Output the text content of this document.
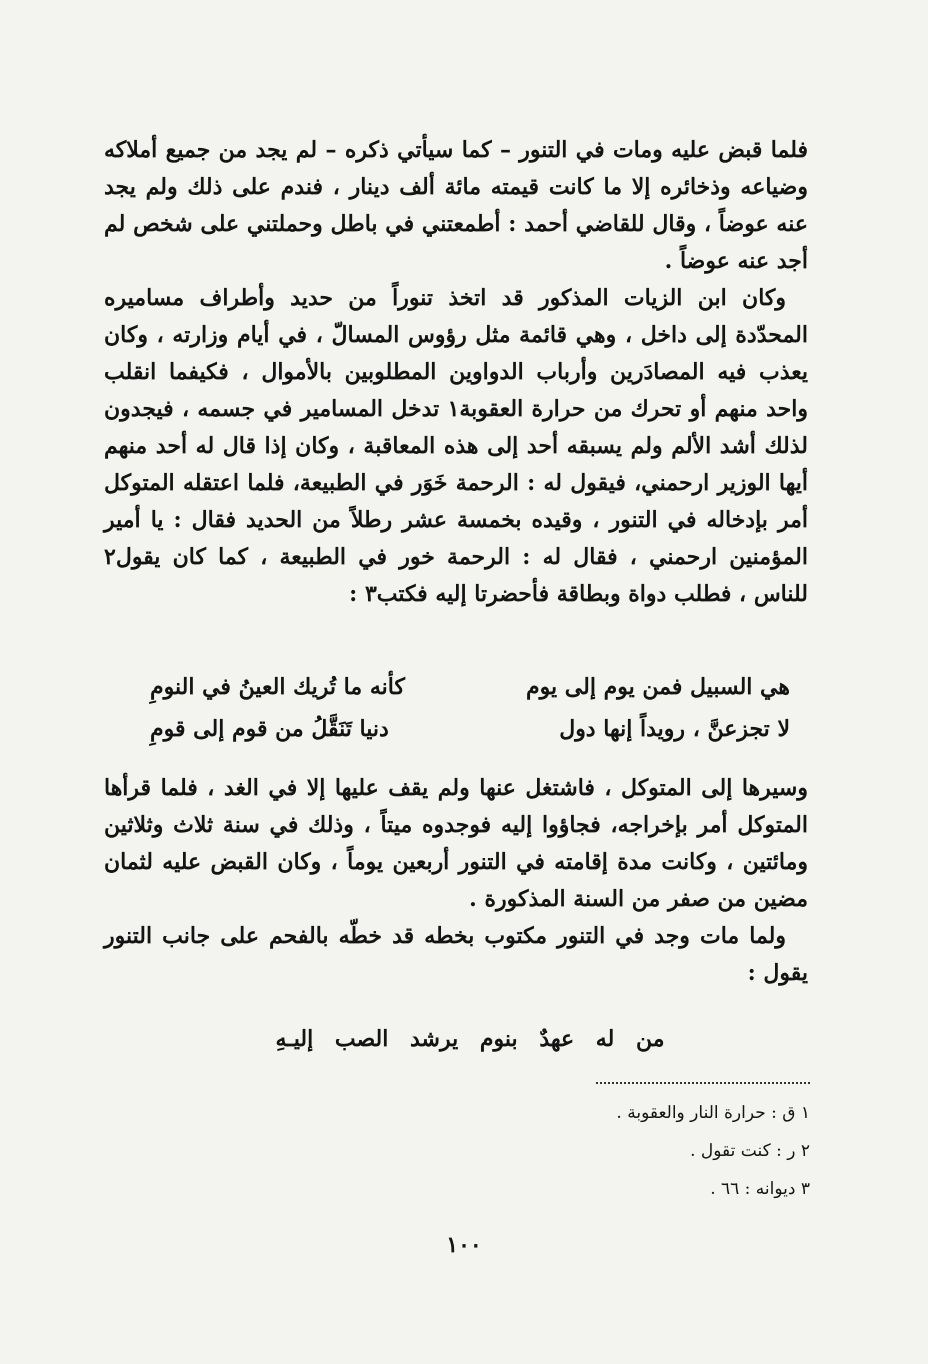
فلما قبض عليه ومات في التنور – كما سيأتي ذكره – لم يجد من جميع أملاكه وضياعه وذخائره إلا ما كانت قيمته مائة ألف دينار ، فندم على ذلك ولم يجد عنه عوضاً ، وقال للقاضي أحمد : أطمعتني في باطل وحملتني على شخص لم أجد عنه عوضاً .

وكان ابن الزيات المذكور قد اتخذ تنوراً من حديد وأطراف مساميره المحدّدة إلى داخل ، وهي قائمة مثل رؤوس المسالّ ، في أيام وزارته ، وكان يعذب فيه المصادَرين وأرباب الدواوين المطلوبين بالأموال ، فكيفما انقلب واحد منهم أو تحرك من حرارة العقوبة١ تدخل المسامير في جسمه ، فيجدون لذلك أشد الألم ولم يسبقه أحد إلى هذه المعاقبة ، وكان إذا قال له أحد منهم أيها الوزير ارحمني، فيقول له : الرحمة خَوَر في الطبيعة، فلما اعتقله المتوكل أمر بإدخاله في التنور ، وقيده بخمسة عشر رطلاً من الحديد فقال : يا أمير المؤمنين ارحمني ، فقال له : الرحمة خور في الطبيعة ، كما كان يقول٢ للناس ، فطلب دواة وبطاقة فأحضرتا إليه فكتب٣ :

هي السبيل فمن يوم إلى يوم
كأنه ما تُريك العينُ في النومِ
لا تجزعنَّ ، رويداً إنها دول
دنيا تَنَقَّلُ من قوم إلى قومِ

وسيرها إلى المتوكل ، فاشتغل عنها ولم يقف عليها إلا في الغد ، فلما قرأها المتوكل أمر بإخراجه، فجاؤوا إليه فوجدوه ميتاً ، وذلك في سنة ثلاث وثلاثين ومائتين ، وكانت مدة إقامته في التنور أربعين يوماً ، وكان القبض عليه لثمان مضين من صفر من السنة المذكورة .

ولما مات وجد في التنور مكتوب بخطه قد خطّه بالفحم على جانب التنور يقول :

من له عهدٌ بنوم يرشد الصب إليـهِ
١ ق : حرارة النار والعقوبة .
٢ ر : كنت تقول .
٣ ديوانه : ٦٦ .
١٠٠
